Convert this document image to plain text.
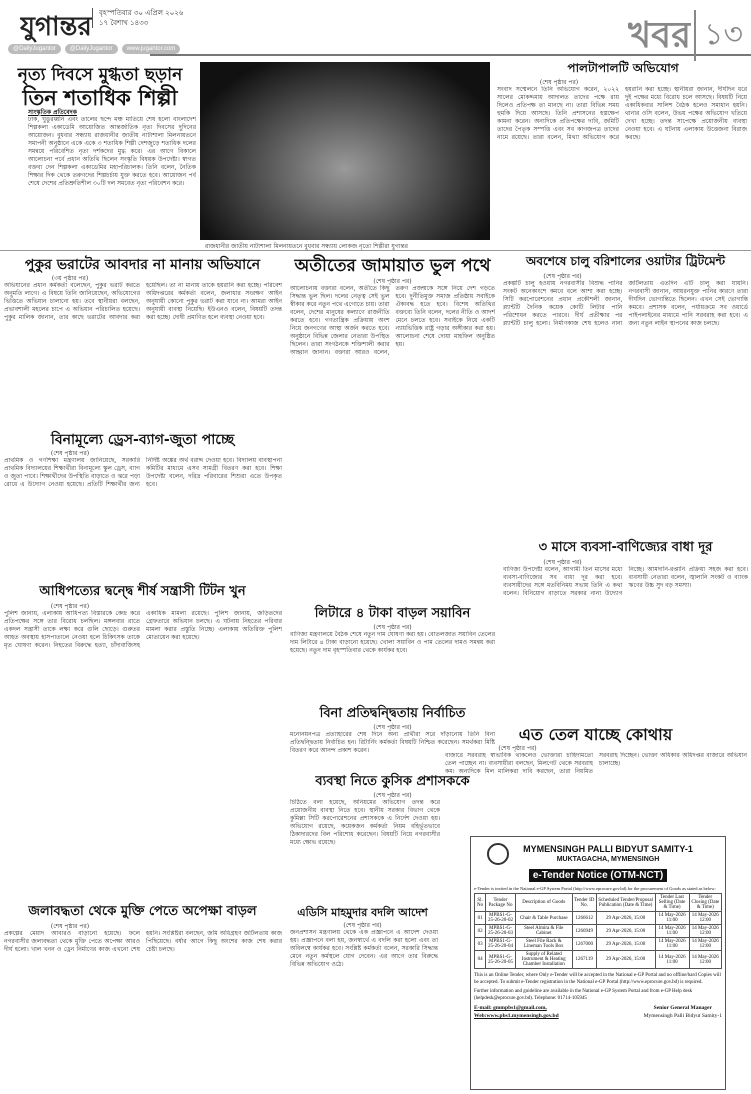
যুগান্তর বৃহস্পতিবার ৩০ এপ্রিল ২০২৬
১৭ বৈশাখ ১৪৩৩
@DailyJugantor	@DailyJugantor	www.jugantor.com	খবর ১৩
নৃত্য দিবসে মুগ্ধতা ছড়ান
তিন শতাধিক শিল্পী
সাংস্কৃতিক প্রতিবেদক
ঢাক, ঘুঙুরধ্বনি এবং তালের ছন্দে মঞ্চ মাতিয়ে শেষ হলো বাংলাদেশ শিল্পকলা একাডেমি আয়োজিত আন্তর্জাতিক নৃত্য দিবসের দুদিনের আয়োজন। বুধবার সন্ধ্যায় রাজধানীর জাতীয় নাট্যশালা মিলনায়তনে সমাপনী অনুষ্ঠানে একে একে ৩ শতাধিক শিল্পী দেশজুড়ে শতাধিক দলের সমন্বয়ে পরিবেশিত নৃত্য দর্শকদের মুগ্ধ করে। এর আগে বিকালে আলোচনা পর্বে প্রধান অতিথি ছিলেন সংস্কৃতি বিষয়ক উপদেষ্টা। স্বাগত বক্তব্য দেন শিল্পকলা একাডেমির মহাপরিচালক। তিনি বলেন, নৈতিক শিক্ষার দিক থেকে তরুণদের শিল্পচর্চায় যুক্ত করতে হবে। আয়োজন পর্ব শেষে দেশের প্রতিশ্রুতিশীল ৩০টি দল সমবেত নৃত্য পরিবেশন করে।
রাজধানীর জাতীয় নাট্যশালা মিলনায়তনে বুধবার সন্ধ্যায় লোকজ নৃত্যে শিল্পীরা যুগান্তর
পালটাপালটি অভিযোগ
(শেষ পৃষ্ঠার পর)
সংবাদ সম্মেলনে তিনি অভিযোগ করেন, ২০২২ সালের মোকদ্দমায় আদালত তাদের পক্ষে রায় দিলেও প্রতিপক্ষ তা মানছে না। তারা বিভিন্ন সময় হুমকি দিয়ে আসছে। তিনি প্রশাসনের হস্তক্ষেপ কামনা করেন। অন্যদিকে প্রতিপক্ষের দাবি, জমিটি তাদের পৈতৃক সম্পত্তি এবং সব কাগজপত্র তাদের নামে রয়েছে। তারা বলেন, মিথ্যা অভিযোগ করে হয়রানি করা হচ্ছে। স্থানীয়রা জানান, দীর্ঘদিন ধরে দুই পক্ষের মধ্যে বিরোধ চলে আসছে। বিষয়টি নিয়ে একাধিকবার সালিশ বৈঠক হলেও সমাধান হয়নি। থানার ওসি বলেন, উভয় পক্ষের অভিযোগ খতিয়ে দেখা হচ্ছে। তদন্ত সাপেক্ষে প্রয়োজনীয় ব্যবস্থা নেওয়া হবে। এ ঘটনায় এলাকায় উত্তেজনা বিরাজ করছে।
পুকুর ভরাটের আবদার না মানায় অভিযানে
(৩য় পৃষ্ঠার পর)
অভিযানের প্রধান কর্মকর্তা বলেছেন, পুকুর ভরাট করতে অনুমতি লাগে। এ বিষয়ে তিনি জানিয়েছেন, অভিযোগের ভিত্তিতে অভিযান চালানো হয়। তবে স্থানীয়রা বলছেন, প্রভাবশালী মহলের চাপে এ অভিযান পরিচালিত হয়েছে। পুকুর মালিক জানান, তার কাছে ভরাটের আবদার করা হয়েছিল। তা না মানায় তাকে হয়রানি করা হচ্ছে। পরিবেশ অধিদপ্তরের কর্মকর্তা বলেন, জলাধার সংরক্ষণ আইন অনুযায়ী কোনো পুকুর ভরাট করা যাবে না। আমরা আইন অনুযায়ী ব্যবস্থা নিয়েছি। ইউএনও বলেন, বিষয়টি তদন্ত করা হচ্ছে। দোষী প্রমাণিত হলে ব্যবস্থা নেওয়া হবে।
বিনামূল্যে ড্রেস-ব্যাগ-জুতা পাচ্ছে
(শেষ পৃষ্ঠার পর)
প্রাথমিক ও গণশিক্ষা মন্ত্রণালয় জানিয়েছে, সরকারি প্রাথমিক বিদ্যালয়ের শিক্ষার্থীরা বিনামূল্যে স্কুল ড্রেস, ব্যাগ ও জুতা পাবে। শিক্ষার্থীদের উপস্থিতি বাড়াতে ও ঝরে পড়া রোধে এ উদ্যোগ নেওয়া হয়েছে। প্রতিটি শিক্ষার্থীর জন্য নির্দিষ্ট অঙ্কের অর্থ বরাদ্দ দেওয়া হবে। বিদ্যালয় ব্যবস্থাপনা কমিটির মাধ্যমে এসব সামগ্রী বিতরণ করা হবে। শিক্ষা উপদেষ্টা বলেন, দরিদ্র পরিবারের শিশুরা এতে উপকৃত হবে।
আধিপত্যের দ্বন্দ্বে শীর্ষ সন্ত্রাসী টিটন খুন
(শেষ পৃষ্ঠার পর)
পুলিশ জানায়, এলাকায় আধিপত্য বিস্তারকে কেন্দ্র করে প্রতিপক্ষের সঙ্গে তার বিরোধ চলছিল। মঙ্গলবার রাতে একদল সন্ত্রাসী তাকে লক্ষ্য করে গুলি ছোড়ে। গুরুতর আহত অবস্থায় হাসপাতালে নেওয়া হলে চিকিৎসক তাকে মৃত ঘোষণা করেন। নিহতের বিরুদ্ধে হত্যা, চাঁদাবাজিসহ একাধিক মামলা রয়েছে। পুলিশ জানায়, জড়িতদের গ্রেফতারে অভিযান চলছে। এ ঘটনায় নিহতের পরিবার মামলা করার প্রস্তুতি নিচ্ছে। এলাকায় অতিরিক্ত পুলিশ মোতায়েন করা হয়েছে।
জলাবদ্ধতা থেকে মুক্তি পেতে অপেক্ষা বাড়ল
(শেষ পৃষ্ঠার পর)
প্রকল্পের মেয়াদ আবারও বাড়ানো হয়েছে। ফলে নগরবাসীর জলাবদ্ধতা থেকে মুক্তি পেতে অপেক্ষা আরও দীর্ঘ হলো। খাল খনন ও ড্রেন নির্মাণের কাজ এখনো শেষ হয়নি। সংশ্লিষ্টরা বলছেন, জমি অধিগ্রহণ জটিলতায় কাজ পিছিয়েছে। বর্ষার আগে কিছু অংশের কাজ শেষ করার চেষ্টা চলছে।
অতীতের জামায়াত ভুল পথে
(শেষ পৃষ্ঠার পর)
আলোচনায় বক্তারা বলেন, অতীতে কিছু সিদ্ধান্ত ভুল ছিল। দলের নেতৃত্ব সেই ভুল স্বীকার করে নতুন পথে এগোতে চায়। তারা বলেন, দেশের মানুষের কল্যাণে রাজনীতি করতে হবে। গণতান্ত্রিক প্রক্রিয়ায় অংশ নিয়ে জনগণের আস্থা অর্জন করতে হবে। অনুষ্ঠানে বিভিন্ন জেলার নেতারা উপস্থিত ছিলেন। তারা সংগঠনকে শক্তিশালী করার আহ্বান জানান। বক্তারা আরও বলেন, তরুণ প্রজন্মকে সঙ্গে নিয়ে দেশ গড়তে হবে। দুর্নীতিমুক্ত সমাজ প্রতিষ্ঠায় সবাইকে ঐক্যবদ্ধ হতে হবে। বিশেষ অতিথির বক্তব্যে তিনি বলেন, দলের নীতি ও আদর্শ মেনে চলতে হবে। সবাইকে নিয়ে একটি ন্যায়ভিত্তিক রাষ্ট্র গড়ার অঙ্গীকার করা হয়। আলোচনা শেষে দোয়া মাহফিল অনুষ্ঠিত হয়।
লিটারে ৪ টাকা বাড়ল সয়াবিন
(শেষ পৃষ্ঠার পর)
বাণিজ্য মন্ত্রণালয়ে বৈঠক শেষে নতুন দাম ঘোষণা করা হয়। বোতলজাত সয়াবিন তেলের দাম লিটারে ৪ টাকা বাড়ানো হয়েছে। খোলা সয়াবিন ও পাম তেলের দামও সমন্বয় করা হয়েছে। নতুন দাম বৃহস্পতিবার থেকে কার্যকর হবে।
বিনা প্রতিদ্বন্দ্বিতায় নির্বাচিত
(শেষ পৃষ্ঠার পর)
মনোনয়নপত্র প্রত্যাহারের শেষ দিনে অন্য প্রার্থীরা সরে দাঁড়ানোয় তিনি বিনা প্রতিদ্বন্দ্বিতায় নির্বাচিত হন। রিটার্নিং কর্মকর্তা বিষয়টি নিশ্চিত করেছেন। সমর্থকরা মিষ্টি বিতরণ করে আনন্দ প্রকাশ করেন।
ব্যবস্থা নিতে কুসিক প্রশাসককে
(শেষ পৃষ্ঠার পর)
চিঠিতে বলা হয়েছে, অনিয়মের অভিযোগ তদন্ত করে প্রয়োজনীয় ব্যবস্থা নিতে হবে। স্থানীয় সরকার বিভাগ থেকে কুমিল্লা সিটি করপোরেশনের প্রশাসককে এ নির্দেশ দেওয়া হয়। অভিযোগ রয়েছে, কয়েকজন কর্মকর্তা নিয়ম বহির্ভূতভাবে ঠিকাদারদের বিল পরিশোধ করেছেন। বিষয়টি নিয়ে নগরবাসীর মধ্যে ক্ষোভ রয়েছে।
এডিসি মাহমুদার বদলি আদেশ
(শেষ পৃষ্ঠার পর)
জনপ্রশাসন মন্ত্রণালয় থেকে এক প্রজ্ঞাপনে এ আদেশ দেওয়া হয়। প্রজ্ঞাপনে বলা হয়, জনস্বার্থে এ বদলি করা হলো এবং তা অবিলম্বে কার্যকর হবে। সংশ্লিষ্ট কর্মকর্তা বলেন, সরকারি সিদ্ধান্ত মেনে নতুন কর্মস্থলে যোগ দেবেন। এর আগে তার বিরুদ্ধে বিভিন্ন অভিযোগ ওঠে।
অবশেষে চালু বরিশালের ওয়াটার ট্রিটমেন্ট
(শেষ পৃষ্ঠার পর)
প্রকল্পটি চালু হওয়ায় নগরবাসীর বিশুদ্ধ পানির সংকট অনেকাংশে কমবে বলে আশা করা হচ্ছে। সিটি করপোরেশনের প্রধান প্রকৌশলী জানান, প্ল্যান্টটি দৈনিক কয়েক কোটি লিটার পানি পরিশোধন করতে পারবে। দীর্ঘ প্রতীক্ষার পর প্ল্যান্টটি চালু হলো। নির্মাণকাজ শেষ হলেও নানা জটিলতায় এতদিন এটি চালু করা যায়নি। নগরবাসী জানান, আয়রনযুক্ত পানির কারণে তারা দীর্ঘদিন ভোগান্তিতে ছিলেন। এখন সেই ভোগান্তি কমবে। প্রশাসক বলেন, পর্যায়ক্রমে সব ওয়ার্ডে পাইপলাইনের মাধ্যমে পানি সরবরাহ করা হবে। এ জন্য নতুন লাইন স্থাপনের কাজ চলছে।
৩ মাসে ব্যবসা-বাণিজ্যের বাধা দূর
(শেষ পৃষ্ঠার পর)
বাণিজ্য উপদেষ্টা বলেন, আগামী তিন মাসের মধ্যে ব্যবসা-বাণিজ্যের সব বাধা দূর করা হবে। ব্যবসায়ীদের সঙ্গে মতবিনিময় সভায় তিনি এ কথা বলেন। বিনিয়োগ বাড়াতে সরকার নানা উদ্যোগ নিচ্ছে। আমদানি-রপ্তানি প্রক্রিয়া সহজ করা হবে। ব্যবসায়ী নেতারা বলেন, জ্বালানি সংকট ও ব্যাংক ঋণের উচ্চ সুদ বড় সমস্যা।
এত তেল যাচ্ছে কোথায়
(শেষ পৃষ্ঠার পর)
বাজারে সরবরাহ স্বাভাবিক থাকলেও ভোক্তারা চাহিদামতো তেল পাচ্ছেন না। ব্যবসায়ীরা বলছেন, মিলগেট থেকে সরবরাহ কম। অন্যদিকে মিল মালিকরা দাবি করছেন, তারা নিয়মিত সরবরাহ দিচ্ছেন। ভোক্তা অধিকার অধিদপ্তর বাজারে অভিযান চালাচ্ছে।
MYMENSINGH PALLI BIDYUT SAMITY-1
MUKTAGACHA, MYMENSINGH
e-Tender Notice (OTM-NCT)
e-Tender is invited in the National e-GP System Portal (http://www.eprocure.gov.bd) for the procurement of Goods as stated as below:
Sl. No	Tender Package No	Description of Goods	Tender ID No.	Scheduled Tender/Proposal Publication (Date & Time)	Tender Last Selling (Date & Time)	Tender Closing (Date & Time)
01	MPBS1-G-25-26-20-02	Chair & Table Purchase	1266612	29 Apr-2026, 15:00	14 May-2026 11:00	14 May-2026 12:00
02	MPBS1-G-25-26-20-03	Steel Almira & File Cabinet	1266949	29 Apr-2026, 15:00	14 May-2026 11:00	14 May-2026 12:00
03	MPBS1-G-25-26-20-04	Steel File Rack & Lineman Tools Box	1267000	29 Apr-2026, 15:00	14 May-2026 11:00	14 May-2026 12:00
04	MPBS1-G-25-26-20-05	Supply of Related Instrument & Heating Chamber Installation	1267119	29 Apr-2026, 15:00	14 May-2026 11:00	14 May-2026 12:00
This is an Online Tender, where Only e-Tender will be accepted in the National e-GP Portal and no offline/hard Copies will be accepted. To submit e-Tender registration in the National e-GP Portal (http://www.eprocure.gov.bd) is required.
Further information and guideline are available in the National e-GP System Portal and from e-GP Help desk (helpdesk@eprocure.gov.bd). Telephone: 01714-105945
E-mail: gmmpbs1@gmail.com,
Web:www.pbs1.mymensingh.gov.bd
Senior General Manager
Mymensingh Palli Bidyut Samity-1
